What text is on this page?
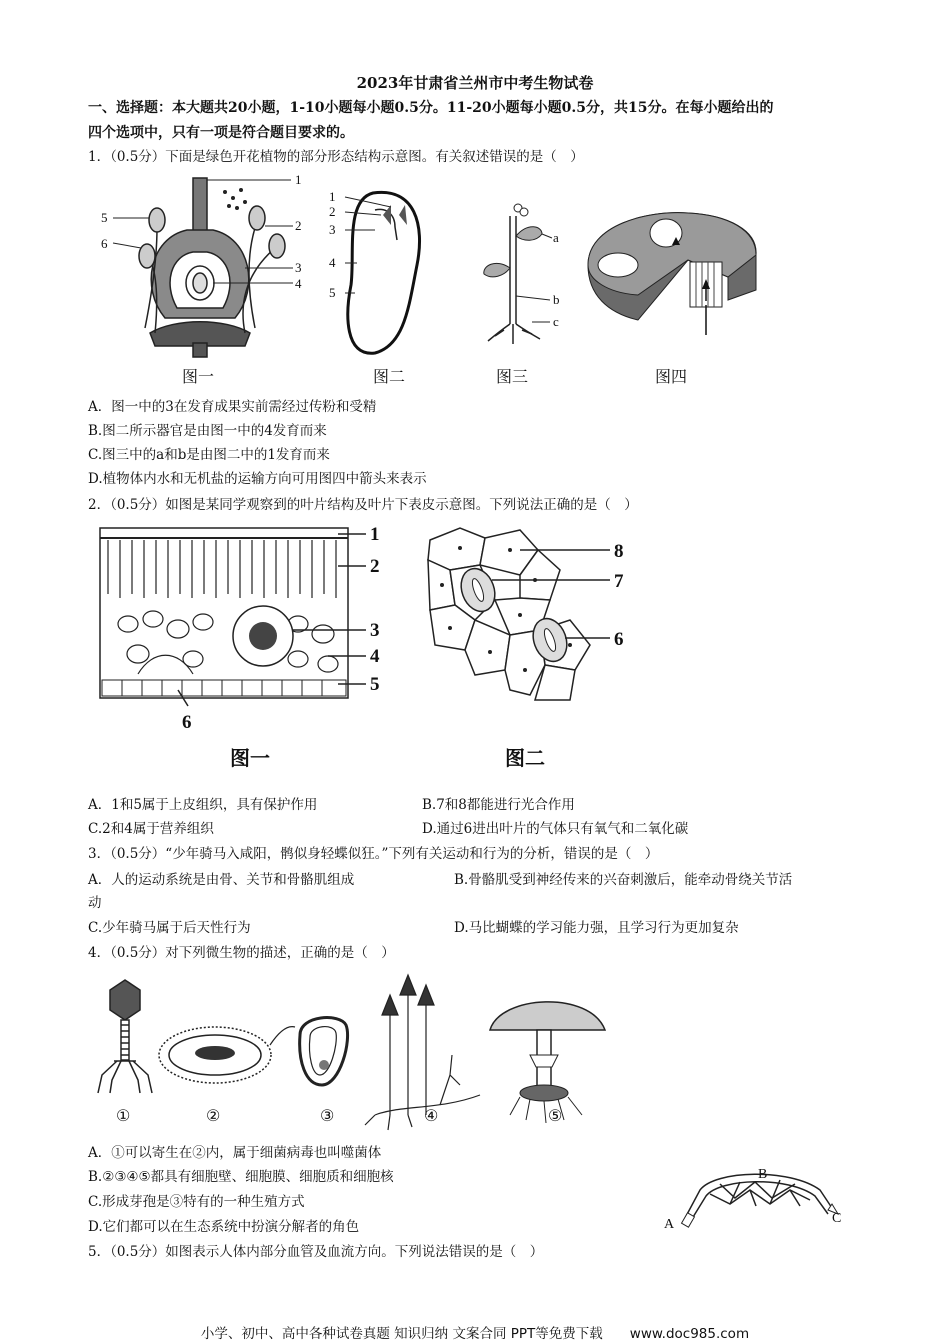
2023年甘肃省兰州市中考生物试卷
一、选择题：本大题共20小题，1-10小题每小题0.5分。11-20小题每小题0.5分，共15分。在每小题给出的
四个选项中，只有一项是符合题目要求的。
1．（0.5分）下面是绿色开花植物的部分形态结构示意图。有关叙述错误的是（　）
1
2
3
4
5
6
图一
1
2
3
4
5
图二
a
b
c
图三	图四
A．图一中的3在发育成果实前需经过传粉和受精
B.图二所示器官是由图一中的4发育而来
C.图三中的a和b是由图二中的1发育而来
D.植物体内水和无机盐的运输方向可用图四中箭头来表示
2．（0.5分）如图是某同学观察到的叶片结构及叶片下表皮示意图。下列说法正确的是（　）
1
2
3
4
5
6
图一
8
7
6
图二
A．1和5属于上皮组织，具有保护作用	B.7和8都能进行光合作用
C.2和4属于营养组织	D.通过6进出叶片的气体只有氧气和二氧化碳
3．（0.5分）“少年骑马入咸阳，鹘似身轻蝶似狂。”下列有关运动和行为的分析，错误的是（　）
A．人的运动系统是由骨、关节和骨骼肌组成	B.骨骼肌受到神经传来的兴奋刺激后，能牵动骨绕关节活
动
C.少年骑马属于后天性行为	D.马比蝴蝶的学习能力强，且学习行为更加复杂
4．（0.5分）对下列微生物的描述，正确的是（　）
①	②	③	④	⑤
A．①可以寄生在②内，属于细菌病毒也叫噬菌体
B.②③④⑤都具有细胞壁、细胞膜、细胞质和细胞核
C.形成芽孢是③特有的一种生殖方式
D.它们都可以在生态系统中扮演分解者的角色
5．（0.5分）如图表示人体内部分血管及血流方向。下列说法错误的是（　）
A
B
C
小学、初中、高中各种试卷真题 知识归纳 文案合同 PPT等免费下载　　www.doc985.com
